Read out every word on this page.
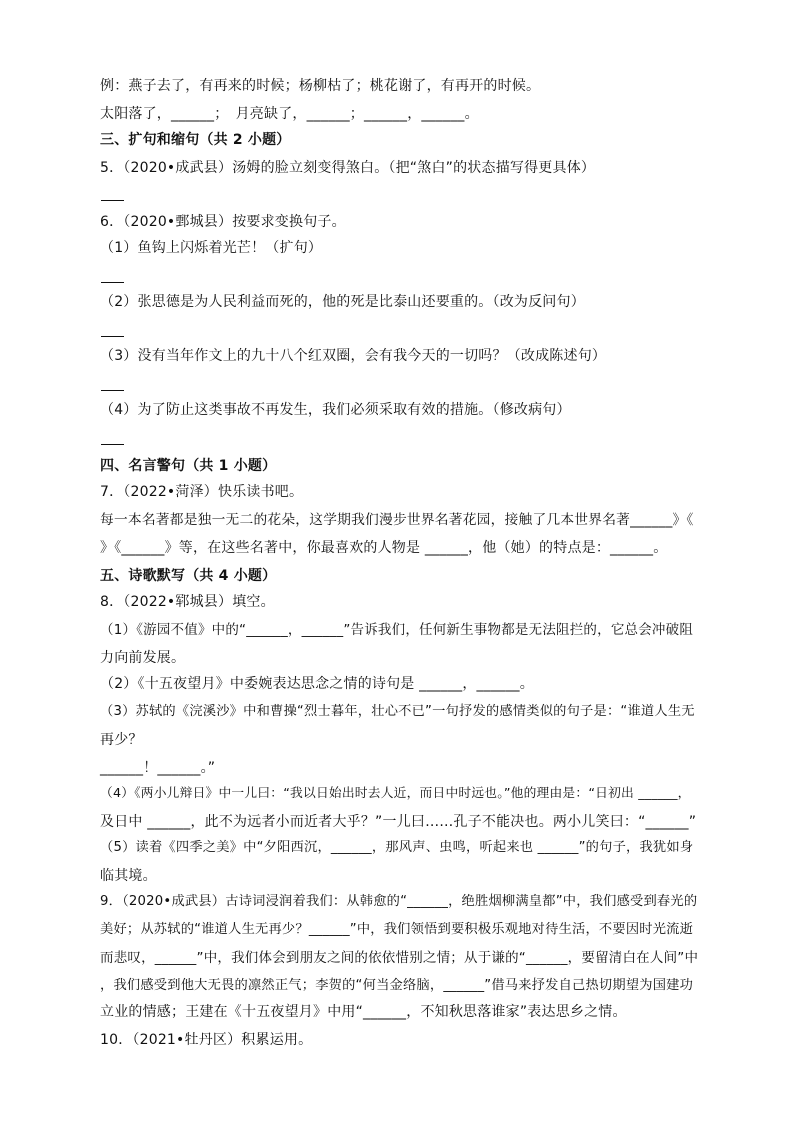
例：燕子去了，有再来的时候；杨柳枯了；桃花谢了，有再开的时候。
太阳落了，______；　月亮缺了，______；______，______。
三、扩句和缩句（共 2 小题）
5．（2020•成武县）汤姆的脸立刻变得煞白。（把“煞白”的状态描写得更具体）
6．（2020•鄄城县）按要求变换句子。
（1）鱼钩上闪烁着光芒！（扩句）
（2）张思德是为人民利益而死的，他的死是比泰山还要重的。（改为反问句）
（3）没有当年作文上的九十八个红双圈，会有我今天的一切吗？（改成陈述句）
（4）为了防止这类事故不再发生，我们必须采取有效的措施。（修改病句）
四、名言警句（共 1 小题）
7．（2022•菏泽）快乐读书吧。
每一本名著都是独一无二的花朵，这学期我们漫步世界名著花园，接触了几本世界名著______》《
》《______》等，在这些名著中，你最喜欢的人物是 ______，他（她）的特点是：______。
五、诗歌默写（共 4 小题）
8．（2022•郓城县）填空。
（1）《游园不值》中的“______，______”告诉我们，任何新生事物都是无法阻拦的，它总会冲破阻
力向前发展。
（2）《十五夜望月》中委婉表达思念之情的诗句是 ______，______。
（3）苏轼的《浣溪沙》中和曹操“烈士暮年，壮心不已”一句抒发的感情类似的句子是：“谁道人生无
再少？
______！______。”
（4）《两小儿辩日》中一儿曰：“我以日始出时去人近，而日中时远也。”他的理由是：“日初出 ______，
及日中 ______，此不为远者小而近者大乎？”一儿曰……孔子不能决也。两小儿笑曰：“______”
（5）读着《四季之美》中“夕阳西沉，______，那风声、虫鸣，听起来也 ______”的句子，我犹如身
临其境。
9．（2020•成武县）古诗词浸润着我们：从韩愈的“______，绝胜烟柳满皇都”中，我们感受到春光的
美好；从苏轼的“谁道人生无再少？______”中，我们领悟到要积极乐观地对待生活，不要因时光流逝
而悲叹，______”中，我们体会到朋友之间的依依惜别之情；从于谦的“______，要留清白在人间”中
，我们感受到他大无畏的凛然正气；李贺的“何当金络脑，______”借马来抒发自己热切期望为国建功
立业的情感；王建在《十五夜望月》中用“______，不知秋思落谁家”表达思乡之情。
10．（2021•牡丹区）积累运用。
